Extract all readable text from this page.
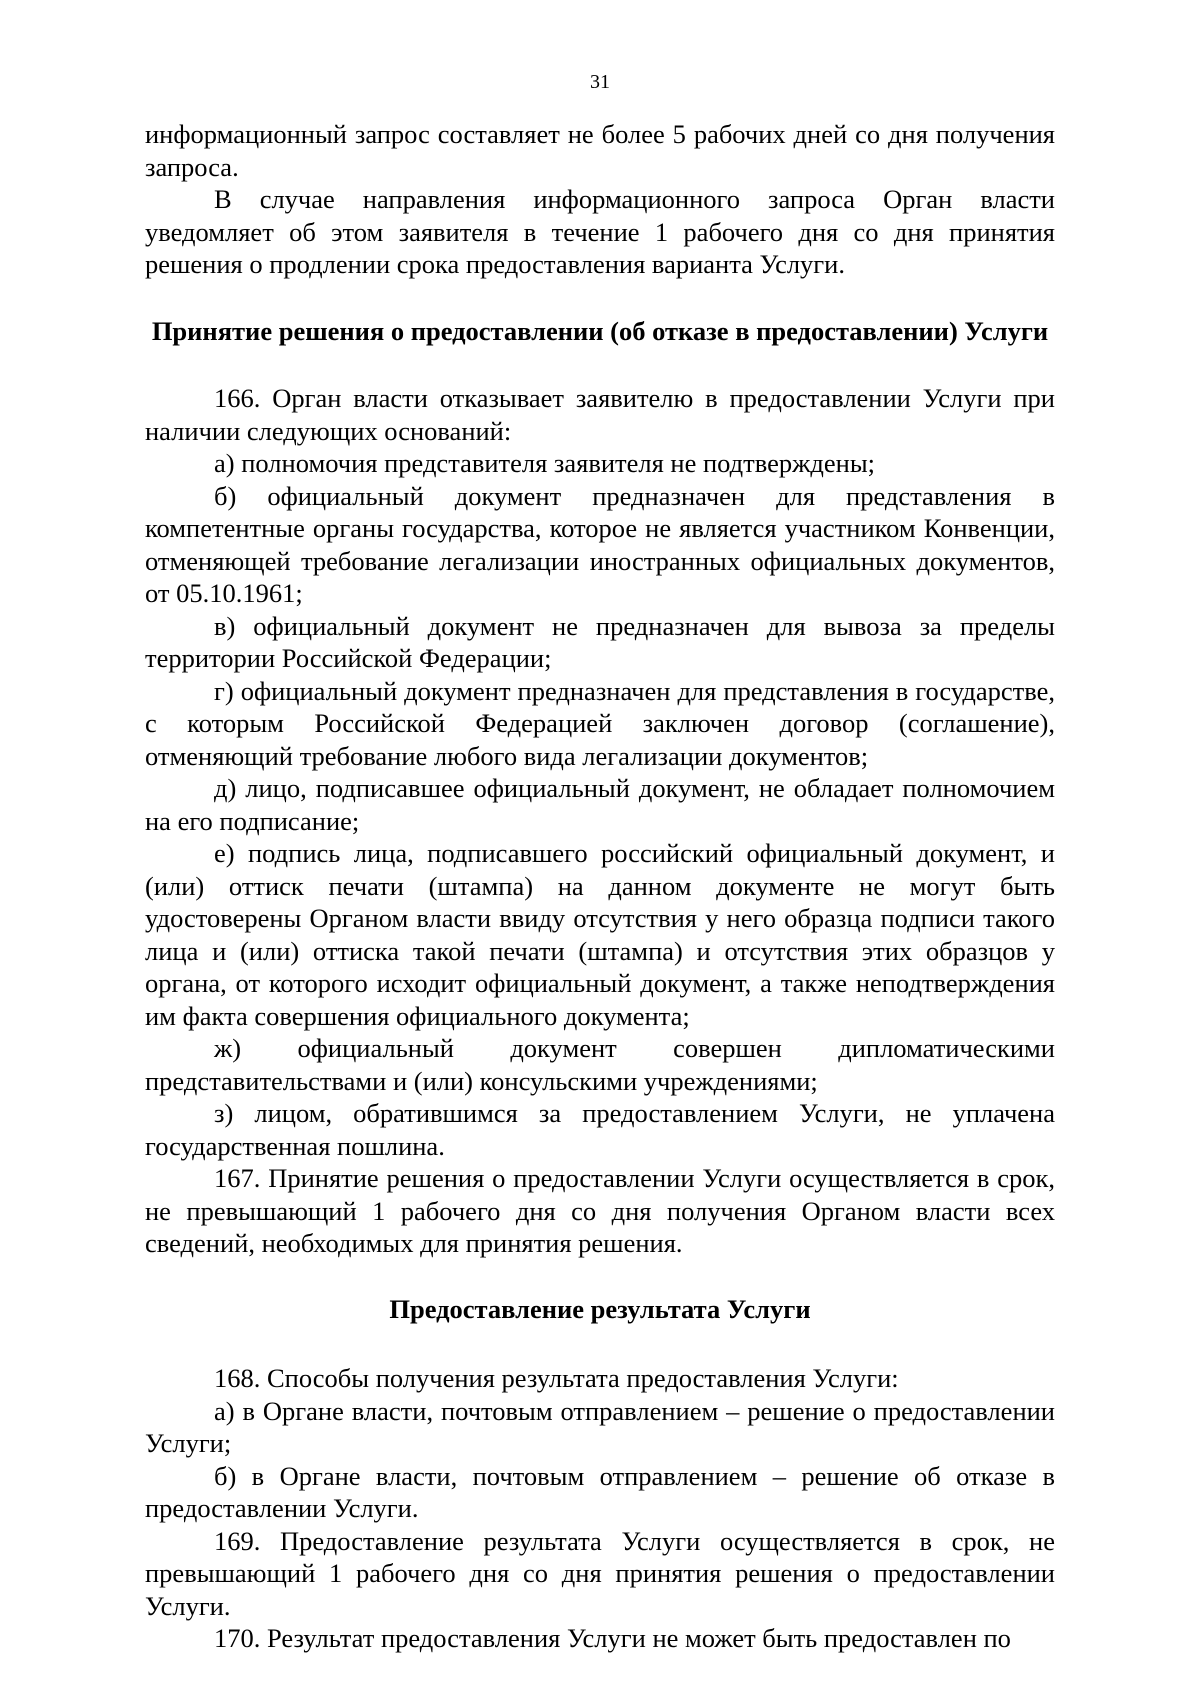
31

информационный запрос составляет не более 5 рабочих дней со дня получения запроса.

В случае направления информационного запроса Орган власти уведомляет об этом заявителя в течение 1 рабочего дня со дня принятия решения о продлении срока предоставления варианта Услуги.

Принятие решения о предоставлении (об отказе в предоставлении) Услуги

166. Орган власти отказывает заявителю в предоставлении Услуги при наличии следующих оснований:

а) полномочия представителя заявителя не подтверждены;

б) официальный документ предназначен для представления в компетентные органы государства, которое не является участником Конвенции, отменяющей требование легализации иностранных официальных документов, от 05.10.1961;

в) официальный документ не предназначен для вывоза за пределы территории Российской Федерации;

г) официальный документ предназначен для представления в государстве, с которым Российской Федерацией заключен договор (соглашение), отменяющий требование любого вида легализации документов;

д) лицо, подписавшее официальный документ, не обладает полномочием на его подписание;

е) подпись лица, подписавшего российский официальный документ, и (или) оттиск печати (штампа) на данном документе не могут быть удостоверены Органом власти ввиду отсутствия у него образца подписи такого лица и (или) оттиска такой печати (штампа) и отсутствия этих образцов у органа, от которого исходит официальный документ, а также неподтверждения им факта совершения официального документа;

ж) официальный документ совершен дипломатическими представительствами и (или) консульскими учреждениями;

з) лицом, обратившимся за предоставлением Услуги, не уплачена государственная пошлина.

167. Принятие решения о предоставлении Услуги осуществляется в срок, не превышающий 1 рабочего дня со дня получения Органом власти всех сведений, необходимых для принятия решения.

Предоставление результата Услуги

168. Способы получения результата предоставления Услуги:

а) в Органе власти, почтовым отправлением – решение о предоставлении Услуги;

б) в Органе власти, почтовым отправлением – решение об отказе в предоставлении Услуги.

169. Предоставление результата Услуги осуществляется в срок, не превышающий 1 рабочего дня со дня принятия решения о предоставлении Услуги.

170. Результат предоставления Услуги не может быть предоставлен по
